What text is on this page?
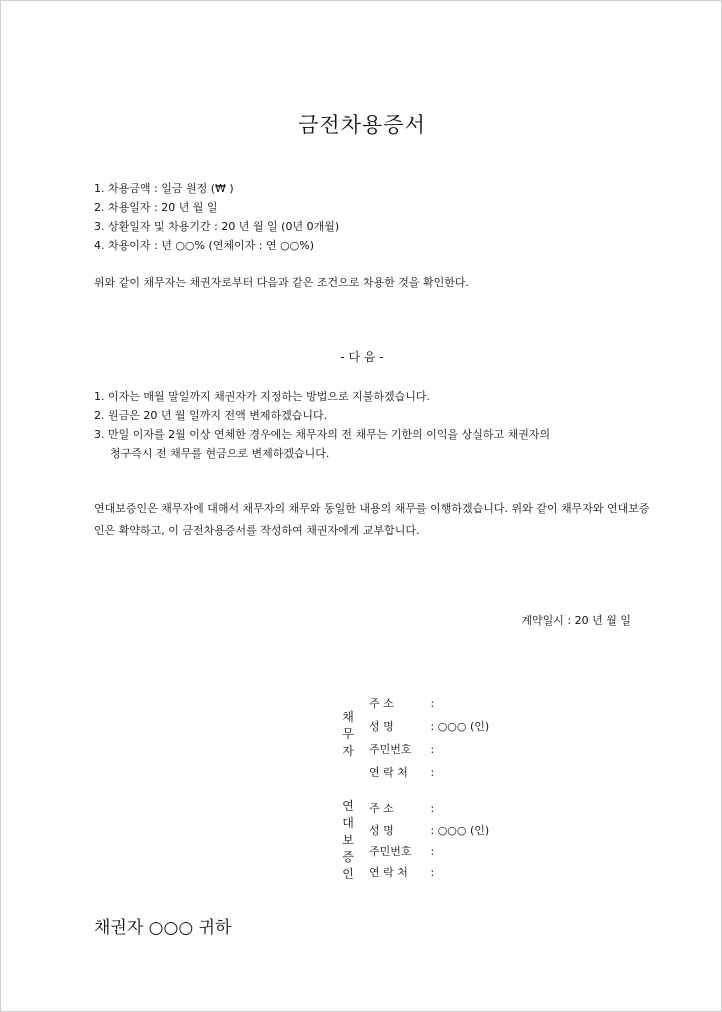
금전차용증서
1. 차용금액 : 일금 원정 (₩ )
2. 차용일자 : 20 년 월 일
3. 상환일자 및 차용기간 : 20 년 월 일 (0년 0개월)
4. 차용이자 : 년 ○○% (연체이자 : 연 ○○%)
위와 같이 채무자는 채권자로부터 다음과 같은 조건으로 차용한 것을 확인한다.
- 다 음 -
1. 이자는 매월 말일까지 채권자가 지정하는 방법으로 지불하겠습니다.
2. 원금은 20 년 월 일까지 전액 변제하겠습니다.
3. 만일 이자를 2월 이상 연체한 경우에는 채무자의 전 채무는 기한의 이익을 상실하고 채권자의
청구즉시 전 채무를 현금으로 변제하겠습니다.
연대보증인은 채무자에 대해서 채무자의 채무와 동일한 내용의 채무를 이행하겠습니다. 위와 같이 채무자와 연대보증인은 확약하고, 이 금전차용증서를 작성하여 채권자에게 교부합니다.
계약일시 : 20 년 월 일
채
무
자
주 소	:
성 명	: ○○○ (인)
주민번호 :
연 락 처 :
연
대
보
증
인
주 소	:
성 명	: ○○○ (인)
주민번호 :
연 락 처 :
채권자 ○○○ 귀하
